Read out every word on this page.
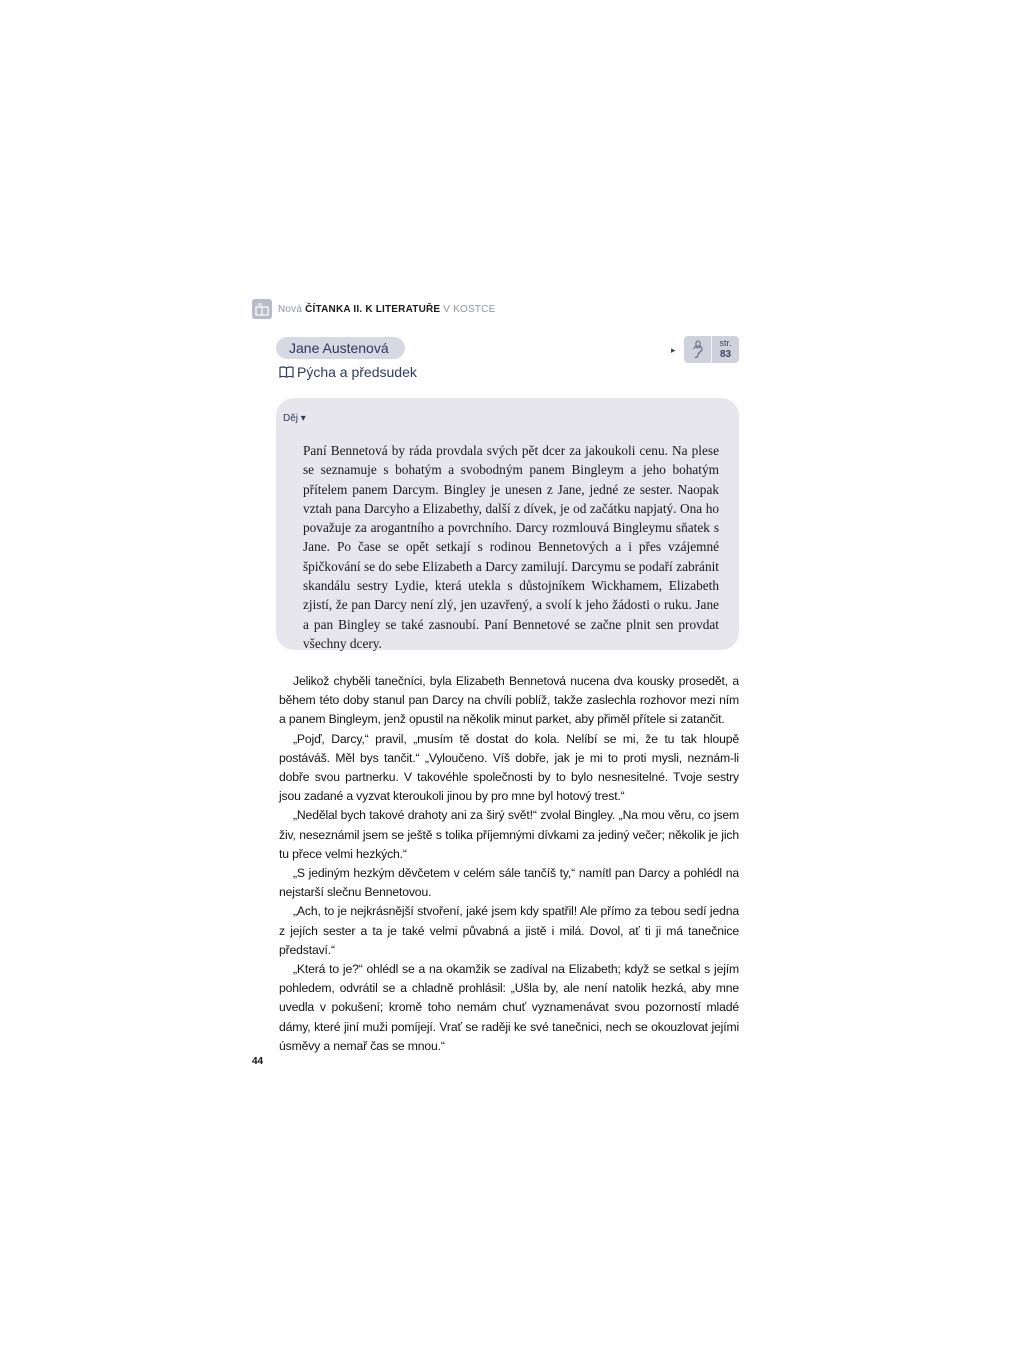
Nová ČÍTANKA II. K LITERATUŘE V KOSTCE
Jane Austenová
Pýcha a předsudek
▸
str.
83
Děj ▾

Paní Bennetová by ráda provdala svých pět dcer za jakoukoli cenu. Na plese se seznamuje s bohatým a svobodným panem Bingleym a jeho bohatým přítelem panem Darcym. Bingley je unesen z Jane, jedné ze sester. Naopak vztah pana Darcyho a Elizabethy, další z dívek, je od začátku napjatý. Ona ho považuje za arogantního a povrchního. Darcy rozmlouvá Bingleymu sňatek s Jane. Po čase se opět setkají s rodinou Bennetových a i přes vzájemné špičkování se do sebe Elizabeth a Darcy zamilují. Darcymu se podaří zabránit skandálu sestry Lydie, která utekla s důstojníkem Wickhamem, Elizabeth zjistí, že pan Darcy není zlý, jen uzavřený, a svolí k jeho žádosti o ruku. Jane a pan Bingley se také zasnoubí. Paní Bennetové se začne plnit sen provdat všechny dcery.

Jelikož chyběli tanečníci, byla Elizabeth Bennetová nucena dva kousky prosedět, a během této doby stanul pan Darcy na chvíli poblíž, takže zaslechla rozhovor mezi ním a panem Bingleym, jenž opustil na několik minut parket, aby přiměl přítele si zatančit.

„Pojď, Darcy,“ pravil, „musím tě dostat do kola. Nelíbí se mi, že tu tak hloupě postáváš. Měl bys tančit.“ „Vyloučeno. Víš dobře, jak je mi to proti mysli, neznám-li dobře svou partnerku. V takovéhle společnosti by to bylo nesnesitelné. Tvoje sestry jsou zadané a vyzvat kteroukoli jinou by pro mne byl hotový trest.“

„Nedělal bych takové drahoty ani za širý svět!“ zvolal Bingley. „Na mou věru, co jsem živ, neseznámil jsem se ještě s tolika příjemnými dívkami za jediný večer; několik je jich tu přece velmi hezkých.“

„S jediným hezkým děvčetem v celém sále tančíš ty,“ namítl pan Darcy a pohlédl na nejstarší slečnu Bennetovou.

„Ach, to je nejkrásnější stvoření, jaké jsem kdy spatřil! Ale přímo za tebou sedí jedna z jejích sester a ta je také velmi půvabná a jistě i milá. Dovol, ať ti ji má tanečnice představí.“

„Která to je?“ ohlédl se a na okamžik se zadíval na Elizabeth; když se setkal s jejím pohledem, odvrátil se a chladně prohlásil: „Ušla by, ale není natolik hezká, aby mne uvedla v pokušení; kromě toho nemám chuť vyznamenávat svou pozorností mladé dámy, které jiní muži pomíjejí. Vrať se raději ke své tanečnici, nech se okouzlovat jejími úsměvy a nemař čas se mnou.“

44
